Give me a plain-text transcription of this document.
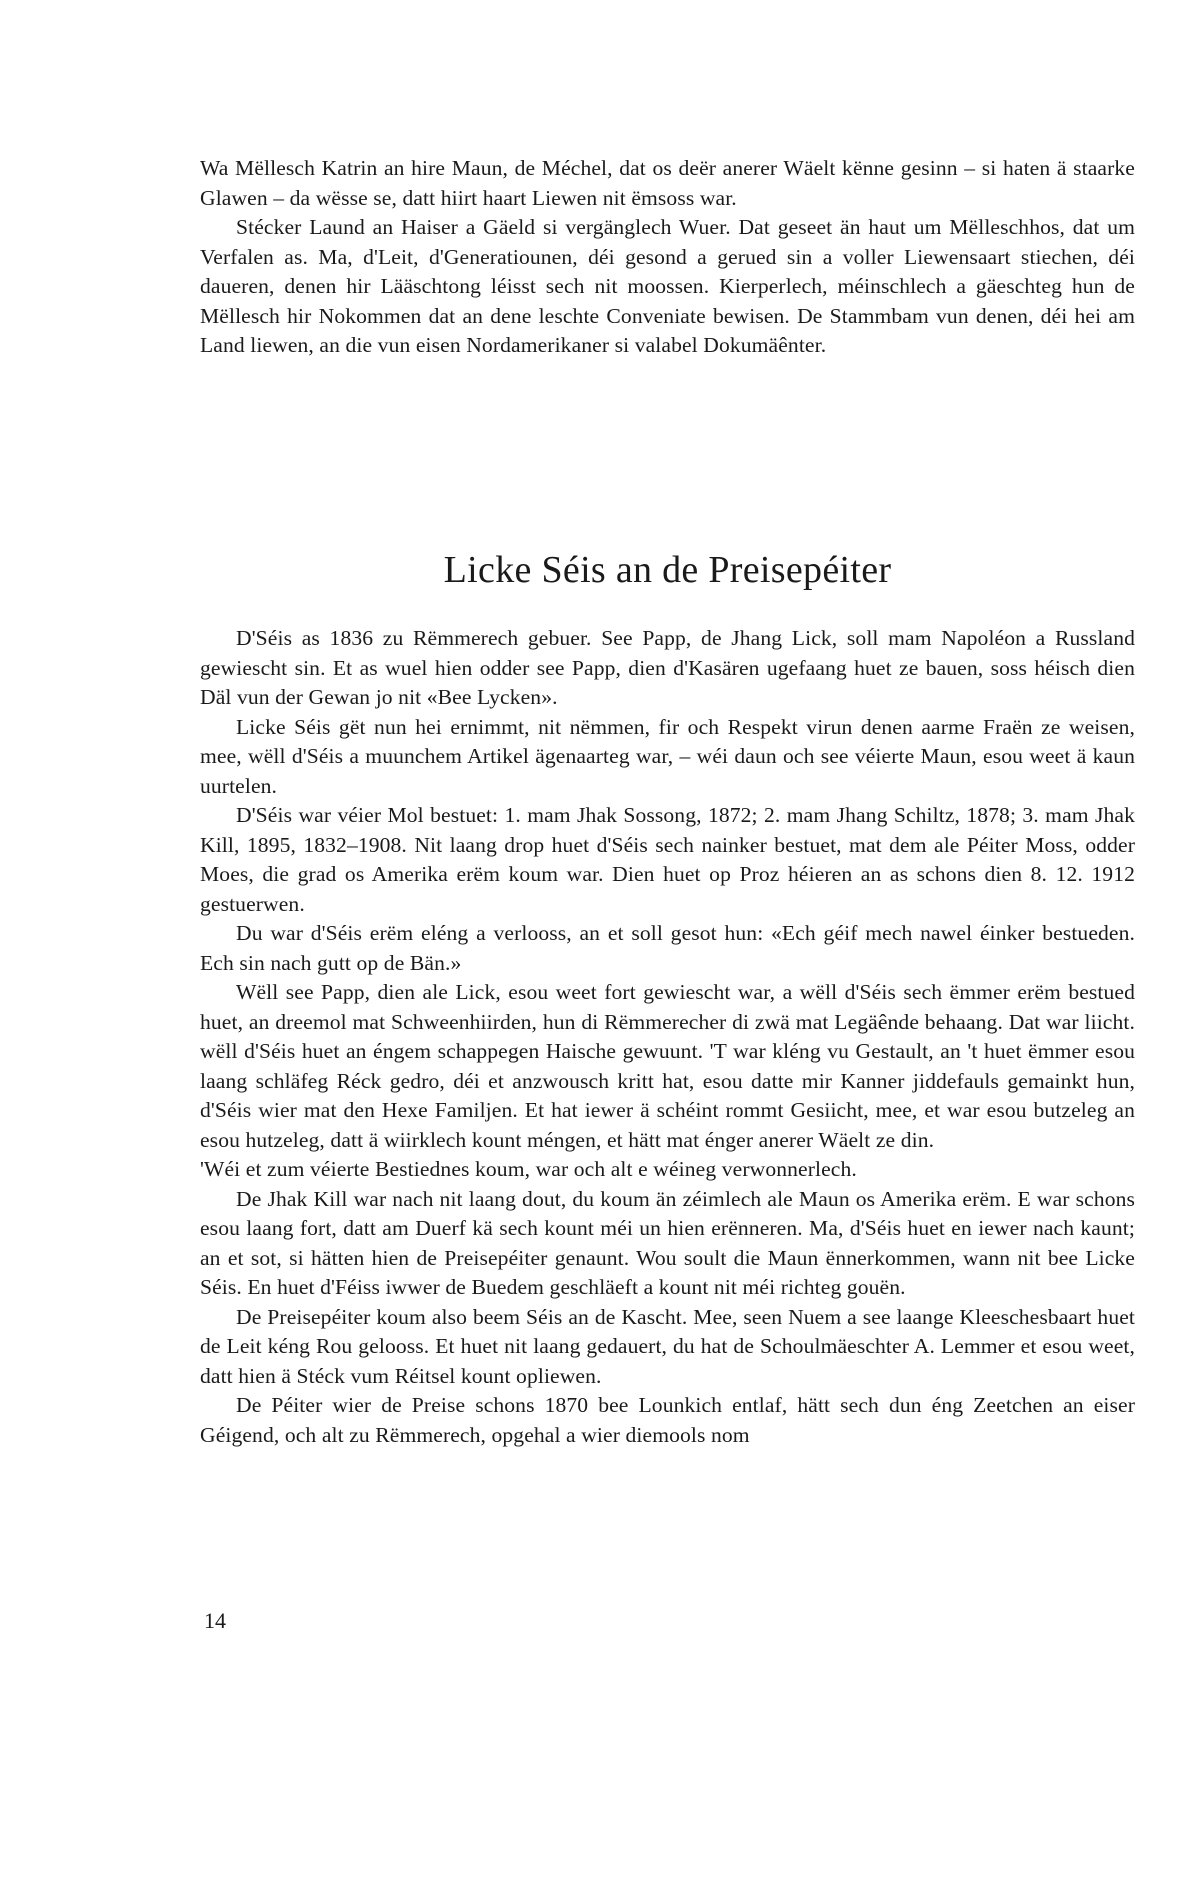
Wa Mëllesch Katrin an hire Maun, de Méchel, dat os deër anerer Wäelt kënne gesinn – si haten ä staarke Glawen – da wësse se, datt hiirt haart Liewen nit ëmsoss war.

Stécker Laund an Haiser a Gäeld si vergänglech Wuer. Dat geseet än haut um Mëlleschhos, dat um Verfalen as. Ma, d'Leit, d'Generatiounen, déi gesond a gerued sin a voller Liewensaart stiechen, déi daueren, denen hir Lääschtong léisst sech nit moossen. Kierperlech, méinschlech a gäeschteg hun de Mëllesch hir Nokommen dat an dene leschte Conveniate bewisen. De Stammbam vun denen, déi hei am Land liewen, an die vun eisen Nordamerikaner si valabel Dokumäênter.

Licke Séis an de Preisepéiter

D'Séis as 1836 zu Rëmmerech gebuer. See Papp, de Jhang Lick, soll mam Napoléon a Russland gewiescht sin. Et as wuel hien odder see Papp, dien d'Kasären ugefaang huet ze bauen, soss héisch dien Däl vun der Gewan jo nit «Bee Lycken».

Licke Séis gët nun hei ernimmt, nit nëmmen, fir och Respekt virun denen aarme Fraën ze weisen, mee, wëll d'Séis a muunchem Artikel ägenaarteg war, – wéi daun och see véierte Maun, esou weet ä kaun uurtelen.

D'Séis war véier Mol bestuet: 1. mam Jhak Sossong, 1872; 2. mam Jhang Schiltz, 1878; 3. mam Jhak Kill, 1895, 1832–1908. Nit laang drop huet d'Séis sech nainker bestuet, mat dem ale Péiter Moss, odder Moes, die grad os Amerika erëm koum war. Dien huet op Proz héieren an as schons dien 8. 12. 1912 gestuerwen.

Du war d'Séis erëm eléng a verlooss, an et soll gesot hun: «Ech géif mech nawel éinker bestueden. Ech sin nach gutt op de Bän.»

Wëll see Papp, dien ale Lick, esou weet fort gewiescht war, a wëll d'Séis sech ëmmer erëm bestued huet, an dreemol mat Schweenhiirden, hun di Rëmmerecher di zwä mat Legäênde behaang. Dat war liicht. wëll d'Séis huet an éngem schappegen Haische gewuunt. 'T war kléng vu Gestault, an 't huet ëmmer esou laang schläfeg Réck gedro, déi et anzwousch kritt hat, esou datte mir Kanner jiddefauls gemainkt hun, d'Séis wier mat den Hexe Familjen. Et hat iewer ä schéint rommt Gesiicht, mee, et war esou butzeleg an esou hutzeleg, datt ä wiirklech kount méngen, et hätt mat énger anerer Wäelt ze din.

'Wéi et zum véierte Bestiednes koum, war och alt e wéineg verwonnerlech.

De Jhak Kill war nach nit laang dout, du koum än zéimlech ale Maun os Amerika erëm. E war schons esou laang fort, datt am Duerf kä sech kount méi un hien erënneren. Ma, d'Séis huet en iewer nach kaunt; an et sot, si hätten hien de Preisepéiter genaunt. Wou soult die Maun ënnerkommen, wann nit bee Licke Séis. En huet d'Féiss iwwer de Buedem geschläeft a kount nit méi richteg gouën.

De Preisepéiter koum also beem Séis an de Kascht. Mee, seen Nuem a see laange Kleeschesbaart huet de Leit kéng Rou gelooss. Et huet nit laang gedauert, du hat de Schoulmäeschter A. Lemmer et esou weet, datt hien ä Stéck vum Réitsel kount opliewen.

De Péiter wier de Preise schons 1870 bee Lounkich entlaf, hätt sech dun éng Zeetchen an eiser Géigend, och alt zu Rëmmerech, opgehal a wier diemools nom

14
